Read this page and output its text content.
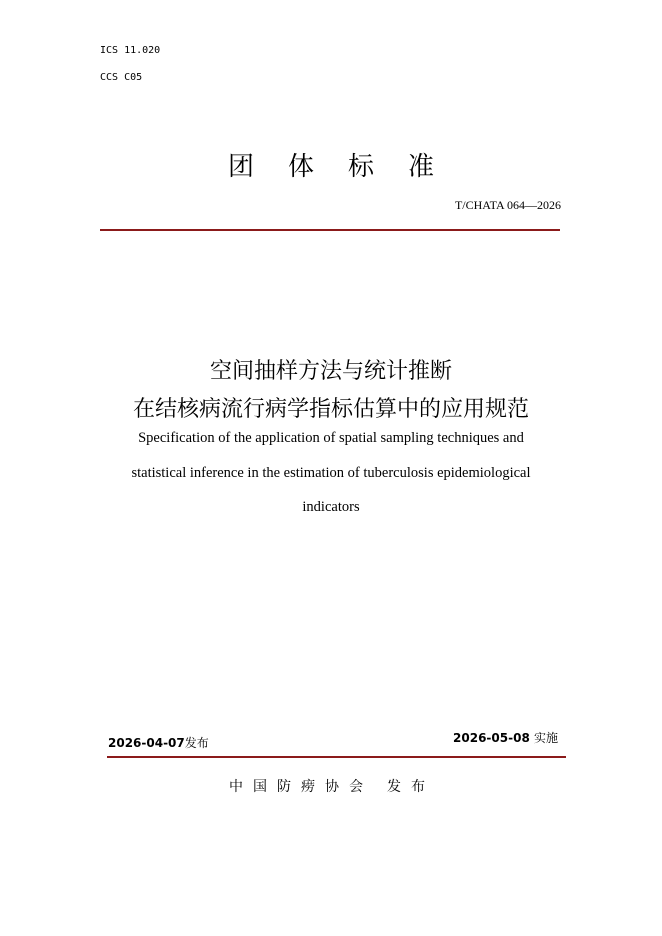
ICS 11.020
CCS C05
团体标准
T/CHATA 064—2026
空间抽样方法与统计推断
在结核病流行病学指标估算中的应用规范
Specification of the application of spatial sampling techniques and
statistical inference in the estimation of tuberculosis epidemiological
indicators
2026-04-07发布	2026-05-08 实施
中国防痨协会 发布
